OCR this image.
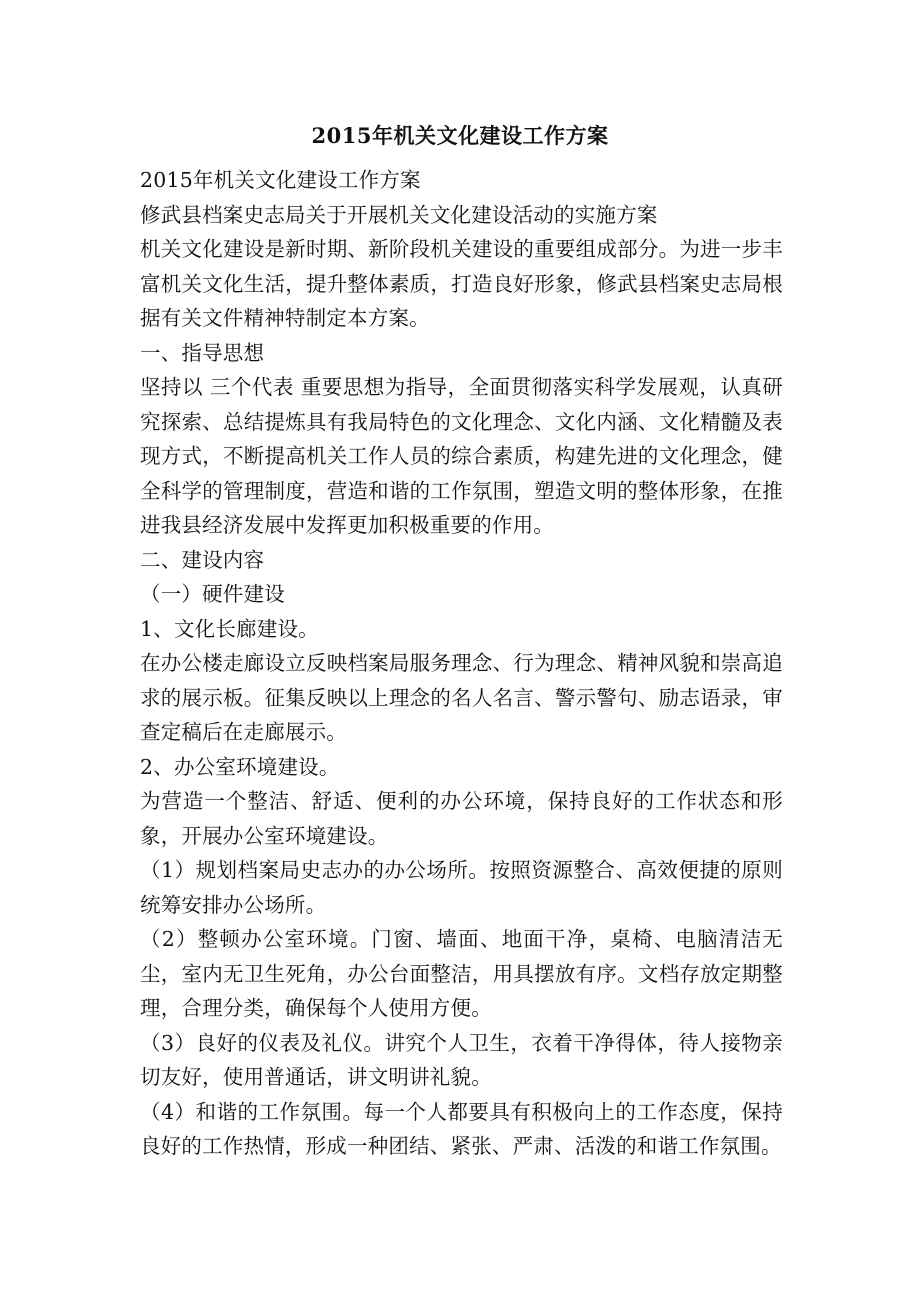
2015年机关文化建设工作方案

2015年机关文化建设工作方案

修武县档案史志局关于开展机关文化建设活动的实施方案

机关文化建设是新时期、新阶段机关建设的重要组成部分。为进一步丰富机关文化生活，提升整体素质，打造良好形象，修武县档案史志局根据有关文件精神特制定本方案。

一、指导思想

坚持以 三个代表 重要思想为指导，全面贯彻落实科学发展观，认真研究探索、总结提炼具有我局特色的文化理念、文化内涵、文化精髓及表现方式，不断提高机关工作人员的综合素质，构建先进的文化理念，健全科学的管理制度，营造和谐的工作氛围，塑造文明的整体形象，在推进我县经济发展中发挥更加积极重要的作用。

二、建设内容

（一）硬件建设

1、文化长廊建设。

在办公楼走廊设立反映档案局服务理念、行为理念、精神风貌和崇高追求的展示板。征集反映以上理念的名人名言、警示警句、励志语录，审查定稿后在走廊展示。

2、办公室环境建设。

为营造一个整洁、舒适、便利的办公环境，保持良好的工作状态和形象，开展办公室环境建设。

（1）规划档案局史志办的办公场所。按照资源整合、高效便捷的原则统筹安排办公场所。

（2）整顿办公室环境。门窗、墙面、地面干净，桌椅、电脑清洁无尘，室内无卫生死角，办公台面整洁，用具摆放有序。文档存放定期整理，合理分类，确保每个人使用方便。

（3）良好的仪表及礼仪。讲究个人卫生，衣着干净得体，待人接物亲切友好，使用普通话，讲文明讲礼貌。

（4）和谐的工作氛围。每一个人都要具有积极向上的工作态度，保持良好的工作热情，形成一种团结、紧张、严肃、活泼的和谐工作氛围。
